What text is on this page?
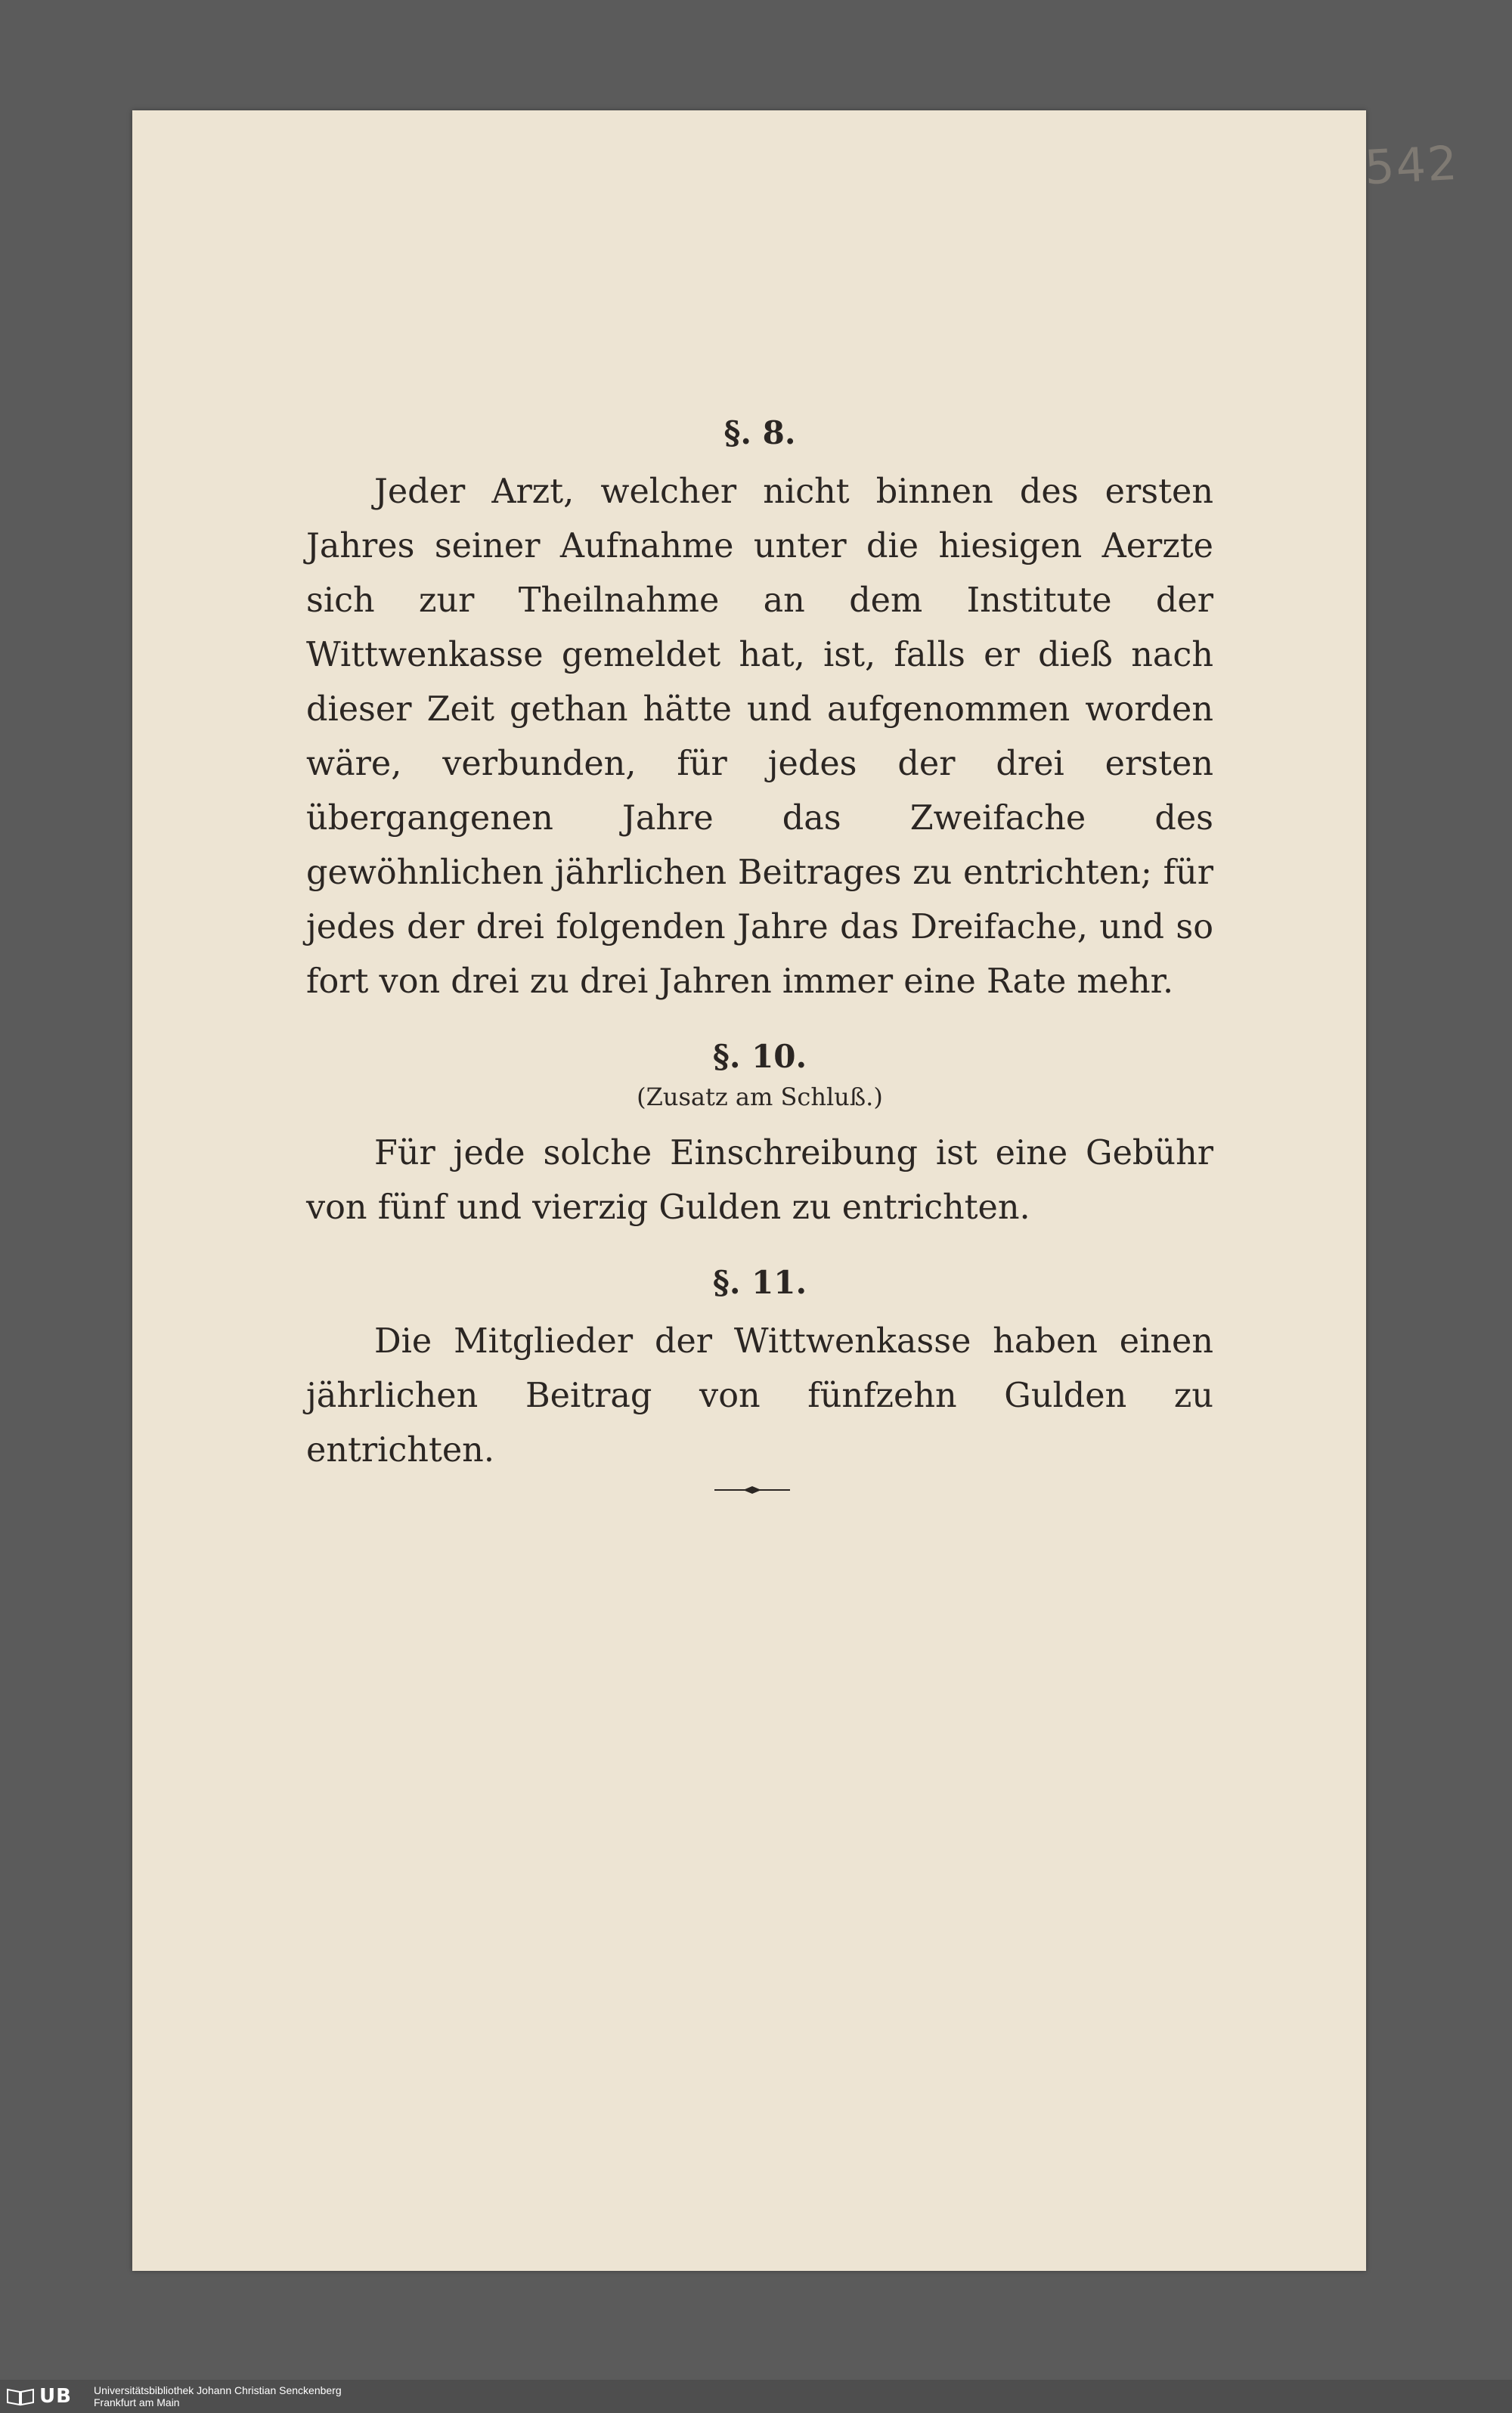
542
§. 8.

Jeder Arzt, welcher nicht binnen des ersten Jahres seiner Aufnahme unter die hiesigen Aerzte sich zur Theilnahme an dem Institute der Wittwenkasse gemeldet hat, ist, falls er dieß nach dieser Zeit gethan hätte und aufgenommen worden wäre, verbunden, für jedes der drei ersten übergangenen Jahre das Zweifache des gewöhnlichen jährlichen Beitrages zu entrichten; für jedes der drei folgenden Jahre das Dreifache, und so fort von drei zu drei Jahren immer eine Rate mehr.

§. 10.
(Zusatz am Schluß.)

Für jede solche Einschreibung ist eine Gebühr von fünf und vierzig Gulden zu entrichten.

§. 11.

Die Mitglieder der Wittwenkasse haben einen jährlichen Beitrag von fünfzehn Gulden zu entrichten.

UB Universitätsbibliothek Johann Christian Senckenberg
Frankfurt am Main
